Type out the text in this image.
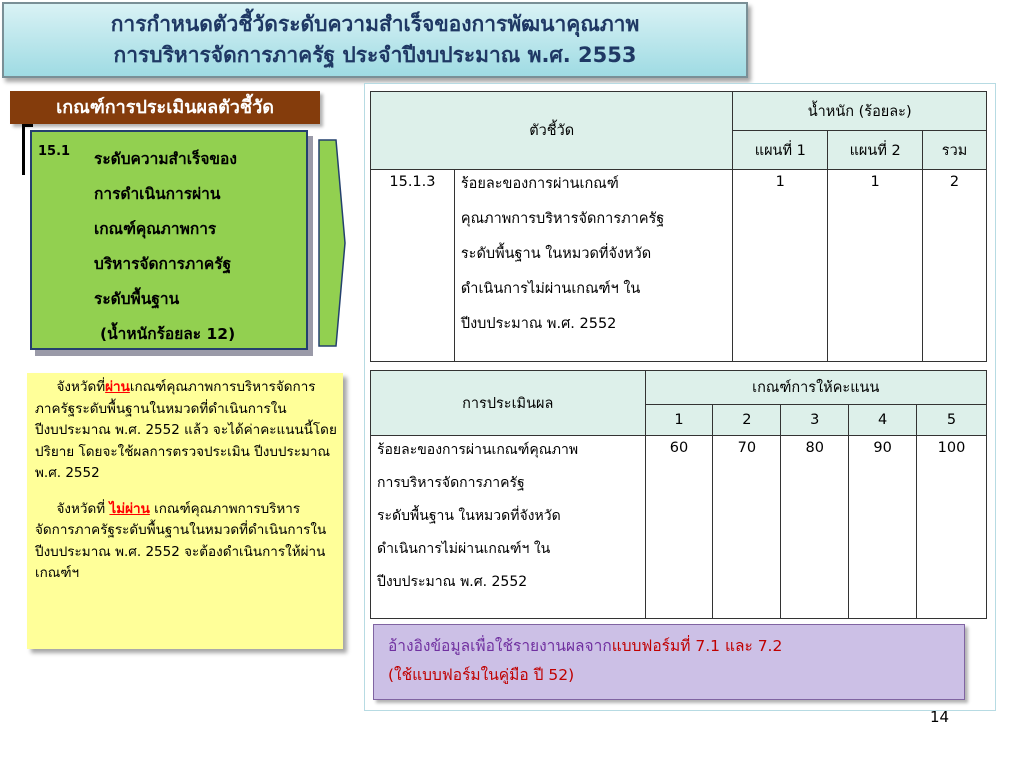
การกำหนดตัวชี้วัดระดับความสำเร็จของการพัฒนาคุณภาพ
การบริหารจัดการภาครัฐ ประจำปีงบประมาณ พ.ศ. 2553
เกณฑ์การประเมินผลตัวชี้วัด
15.1 ระดับความสำเร็จของ
การดำเนินการผ่าน
เกณฑ์คุณภาพการ
บริหารจัดการภาครัฐ
ระดับพื้นฐาน
(น้ำหนักร้อยละ 12)

จังหวัดที่ผ่านเกณฑ์คุณภาพการบริหารจัดการภาครัฐระดับพื้นฐานในหมวดที่ดำเนินการในปีงบประมาณ พ.ศ. 2552 แล้ว จะได้ค่าคะแนนนี้โดยปริยาย โดยจะใช้ผลการตรวจประเมิน ปีงบประมาณ พ.ศ. 2552

จังหวัดที่ ไม่ผ่าน เกณฑ์คุณภาพการบริหารจัดการภาครัฐระดับพื้นฐานในหมวดที่ดำเนินการใน ปีงบประมาณ พ.ศ. 2552 จะต้องดำเนินการให้ผ่านเกณฑ์ฯ

ตัวชี้วัด		น้ำหนัก (ร้อยละ)		
		แผนที่ 1	แผนที่ 2	รวม
15.1.3	ร้อยละของการผ่านเกณฑ์
คุณภาพการบริหารจัดการภาครัฐ
ระดับพื้นฐาน ในหมวดที่จังหวัด
ดำเนินการไม่ผ่านเกณฑ์ฯ ใน
ปีงบประมาณ พ.ศ. 2552	1	1	2
การประเมินผล	เกณฑ์การให้คะแนน				
	1	2	3	4	5

ร้อยละของการผ่านเกณฑ์คุณภาพ
การบริหารจัดการภาครัฐ
ระดับพื้นฐาน ในหมวดที่จังหวัด
ดำเนินการไม่ผ่านเกณฑ์ฯ ใน
ปีงบประมาณ พ.ศ. 2552	60	70	80	90	100
อ้างอิงข้อมูลเพื่อใช้รายงานผลจากแบบฟอร์มที่ 7.1 และ 7.2
(ใช้แบบฟอร์มในคู่มือ ปี 52)
14
